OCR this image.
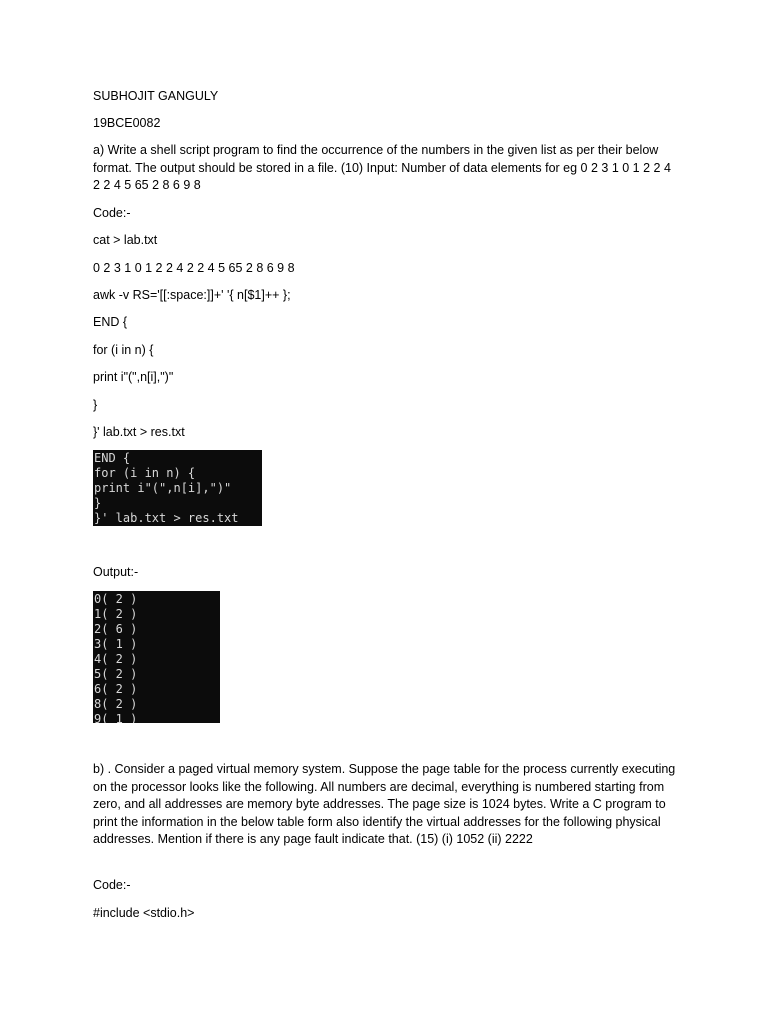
SUBHOJIT GANGULY
19BCE0082
a) Write a shell script program to find the occurrence of the numbers in the given list as per their below format. The output should be stored in a file. (10) Input: Number of data elements for eg 0 2 3 1 0 1 2 2 4 2 2 4 5 65 2 8 6 9 8
Code:-
cat > lab.txt
0 2 3 1 0 1 2 2 4 2 2 4 5 65 2 8 6 9 8
awk -v RS='[[:space:]]+' '{ n[$1]++ };
END {
for (i in n) {
print i"(",n[i],")"
}
}' lab.txt > res.txt
END {
for (i in n) {
print i"(",n[i],")"
}
}' lab.txt > res.txt
Output:-
0( 2 )
1( 2 )
2( 6 )
3( 1 )
4( 2 )
5( 2 )
6( 2 )
8( 2 )
9( 1 )
b) . Consider a paged virtual memory system. Suppose the page table for the process currently executing on the processor looks like the following. All numbers are decimal, everything is numbered starting from zero, and all addresses are memory byte addresses. The page size is 1024 bytes. Write a C program to print the information in the below table form also identify the virtual addresses for the following physical addresses. Mention if there is any page fault indicate that. (15) (i) 1052 (ii) 2222
Code:-
#include <stdio.h>
